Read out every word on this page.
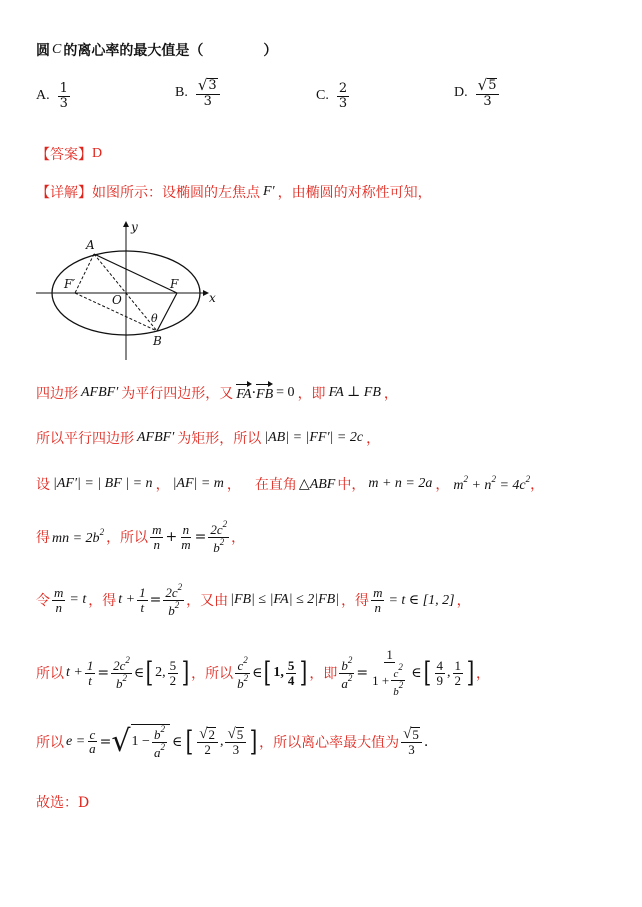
圆 C 的离心率的最大值是（	）
A. $\frac{1}{3}$	B. $\frac{√ 3}{3}$	C. $\frac{2}{3}$	D. $\frac{√ 5}{3}$
【答案】 D
【详解】 如图所示：设椭圆的左焦点 F′ ，由椭圆的对称性可知，
A
y
x
F
F′
O
θ
B
四边形 AFBF′ 为平行四边形，又 FA · FB = 0 ，即 FA ⊥ FB ，
所以平行四边形 AFBF′ 为矩形，所以 |AB| = |FF′| = 2c ，
设 |AF′| = | BF | = n ， |AF| = m ， 在直角 △ABF 中， m + n = 2a ， $m^2 + n^2 = 4c^2$ ，
得 mn = $2b^2$ ，所以 $\frac{m}{n} + \frac{n}{m} = \frac{2c^2}{b^2}$ ，
令 $\frac{m}{n} = t$ ，得 $t + \frac{1}{t} = \frac{2c^2}{b^2}$ ，又由 |FB| ≤ |FA| ≤ 2|FB| ，得 $\frac{m}{n} = t$ ∈ [1, 2] ，
所以 $t + \frac{1}{t} = \frac{2c^2}{b^2}$ ∈ [ 2, $\frac{5}{2}$ ] ，所以 $\frac{c^2}{b^2}$ ∈ [ 1, $\frac{5}{4}$ ] ，即 $\frac{b^2}{a^2} = \frac{1}{1 + \frac{c^2}{b^2}}$ ∈ [ $\frac{4}{9}$ , $\frac{1}{2}$ ] ，
所以 $e = \frac{c}{a}$ = √ $1 - \frac{b^2}{a^2}$ ∈ [ $\frac{√ 2}{2}$ , $\frac{√ 5}{3}$ ] ，所以离心率最大值为 $\frac{√ 5}{3}$ .
故选：D
